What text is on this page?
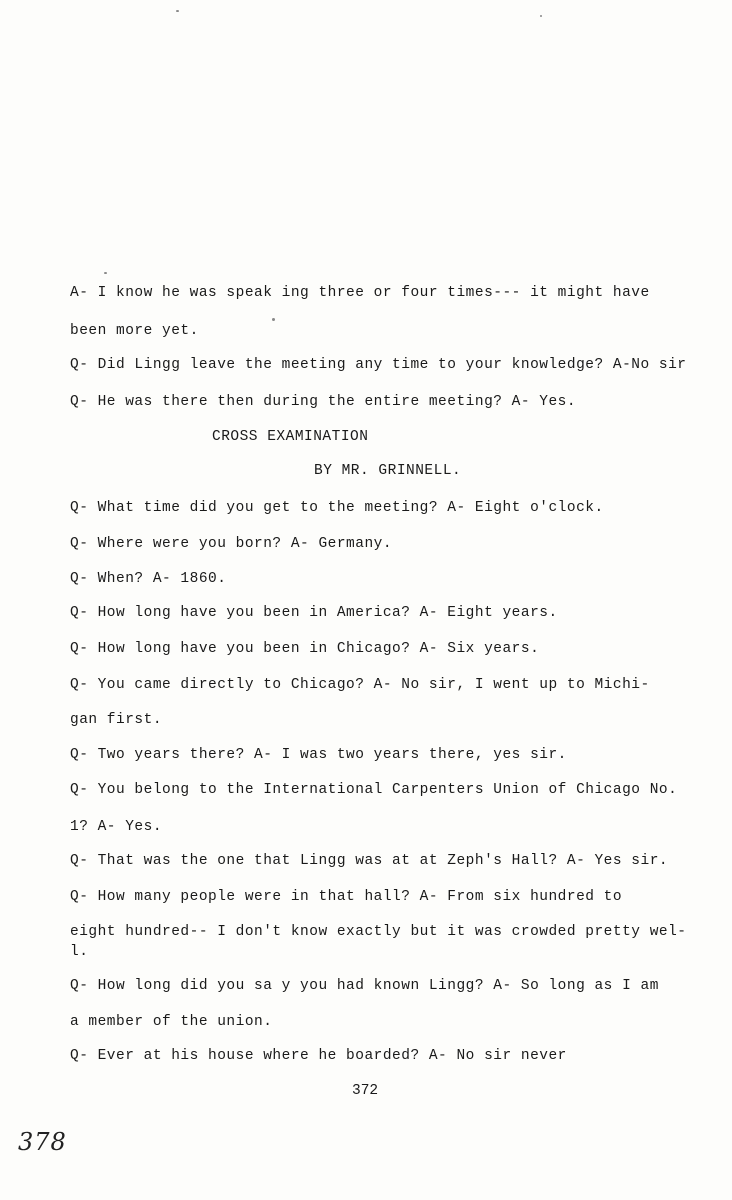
A- I know he was speak ing three or four times--- it might have
been more yet.
Q- Did Lingg leave the meeting any time to your knowledge? A-No sir
Q- He was there then during the entire meeting? A- Yes.
CROSS EXAMINATION
BY MR. GRINNELL.
Q- What time did you get to the meeting? A- Eight o'clock.
Q- Where were you born? A- Germany.
Q- When? A- 1860.
Q- How long have you been in America? A- Eight years.
Q- How long have you been in Chicago? A- Six years.
Q- You came directly to Chicago? A- No sir, I went up to Michi-
gan first.
Q- Two years there? A- I was two years there, yes sir.
Q- You belong to the International Carpenters Union of Chicago No.
1? A- Yes.
Q- That was the one that Lingg was at at Zeph's Hall? A- Yes sir.
Q- How many people were in that hall? A- From six hundred to
eight hundred-- I don't know exactly but it was crowded pretty wel-
l.
Q- How long did you sa y you had known Lingg? A- So long as I am
a member of the union.
Q- Ever at his house where he boarded? A- No sir never
372
378
